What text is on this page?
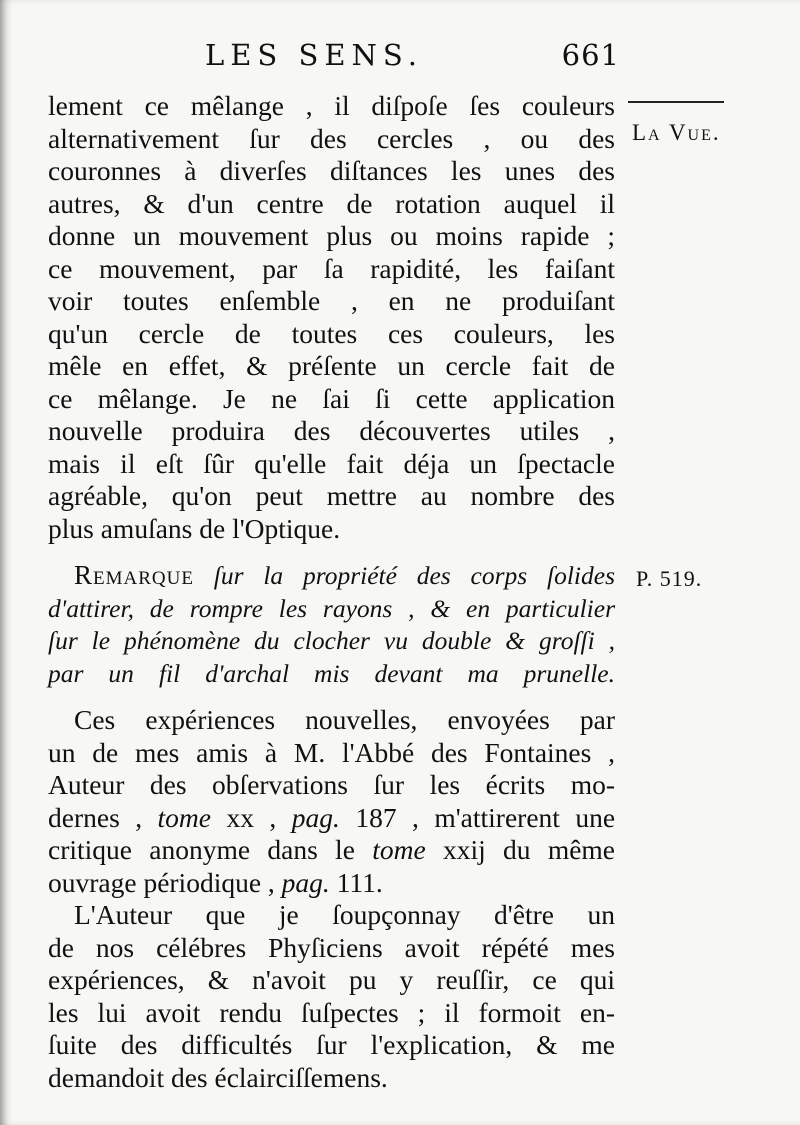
LES SENS.	661
La Vue.
P. 519.
lement ce mêlange , il diſpoſe ſes couleurs
alternativement ſur des cercles , ou des
couronnes à diverſes diſtances les unes des
autres, & d'un centre de rotation auquel il
donne un mouvement plus ou moins rapide ;
ce mouvement, par ſa rapidité, les faiſant
voir toutes enſemble , en ne produiſant
qu'un cercle de toutes ces couleurs, les
mêle en effet, & préſente un cercle fait de
ce mêlange. Je ne ſai ſi cette application
nouvelle produira des découvertes utiles ,
mais il eſt ſûr qu'elle fait déja un ſpectacle
agréable, qu'on peut mettre au nombre des
plus amuſans de l'Optique.
Remarque ſur la propriété des corps ſolides
d'attirer, de rompre les rayons , & en particulier
ſur le phénomène du clocher vu double & groſſi ,
par un fil d'archal mis devant ma prunelle.
Ces expériences nouvelles, envoyées par
un de mes amis à M. l'Abbé des Fontaines ,
Auteur des obſervations ſur les écrits mo-
dernes , tome xx , pag. 187 , m'attirerent une
critique anonyme dans le tome xxij du même
ouvrage périodique , pag. 111.
L'Auteur que je ſoupçonnay d'être un
de nos célébres Phyſiciens avoit répété mes
expériences, & n'avoit pu y reuſſir, ce qui
les lui avoit rendu ſuſpectes ; il formoit en-
ſuite des difficultés ſur l'explication, & me
demandoit des éclairciſſemens.
